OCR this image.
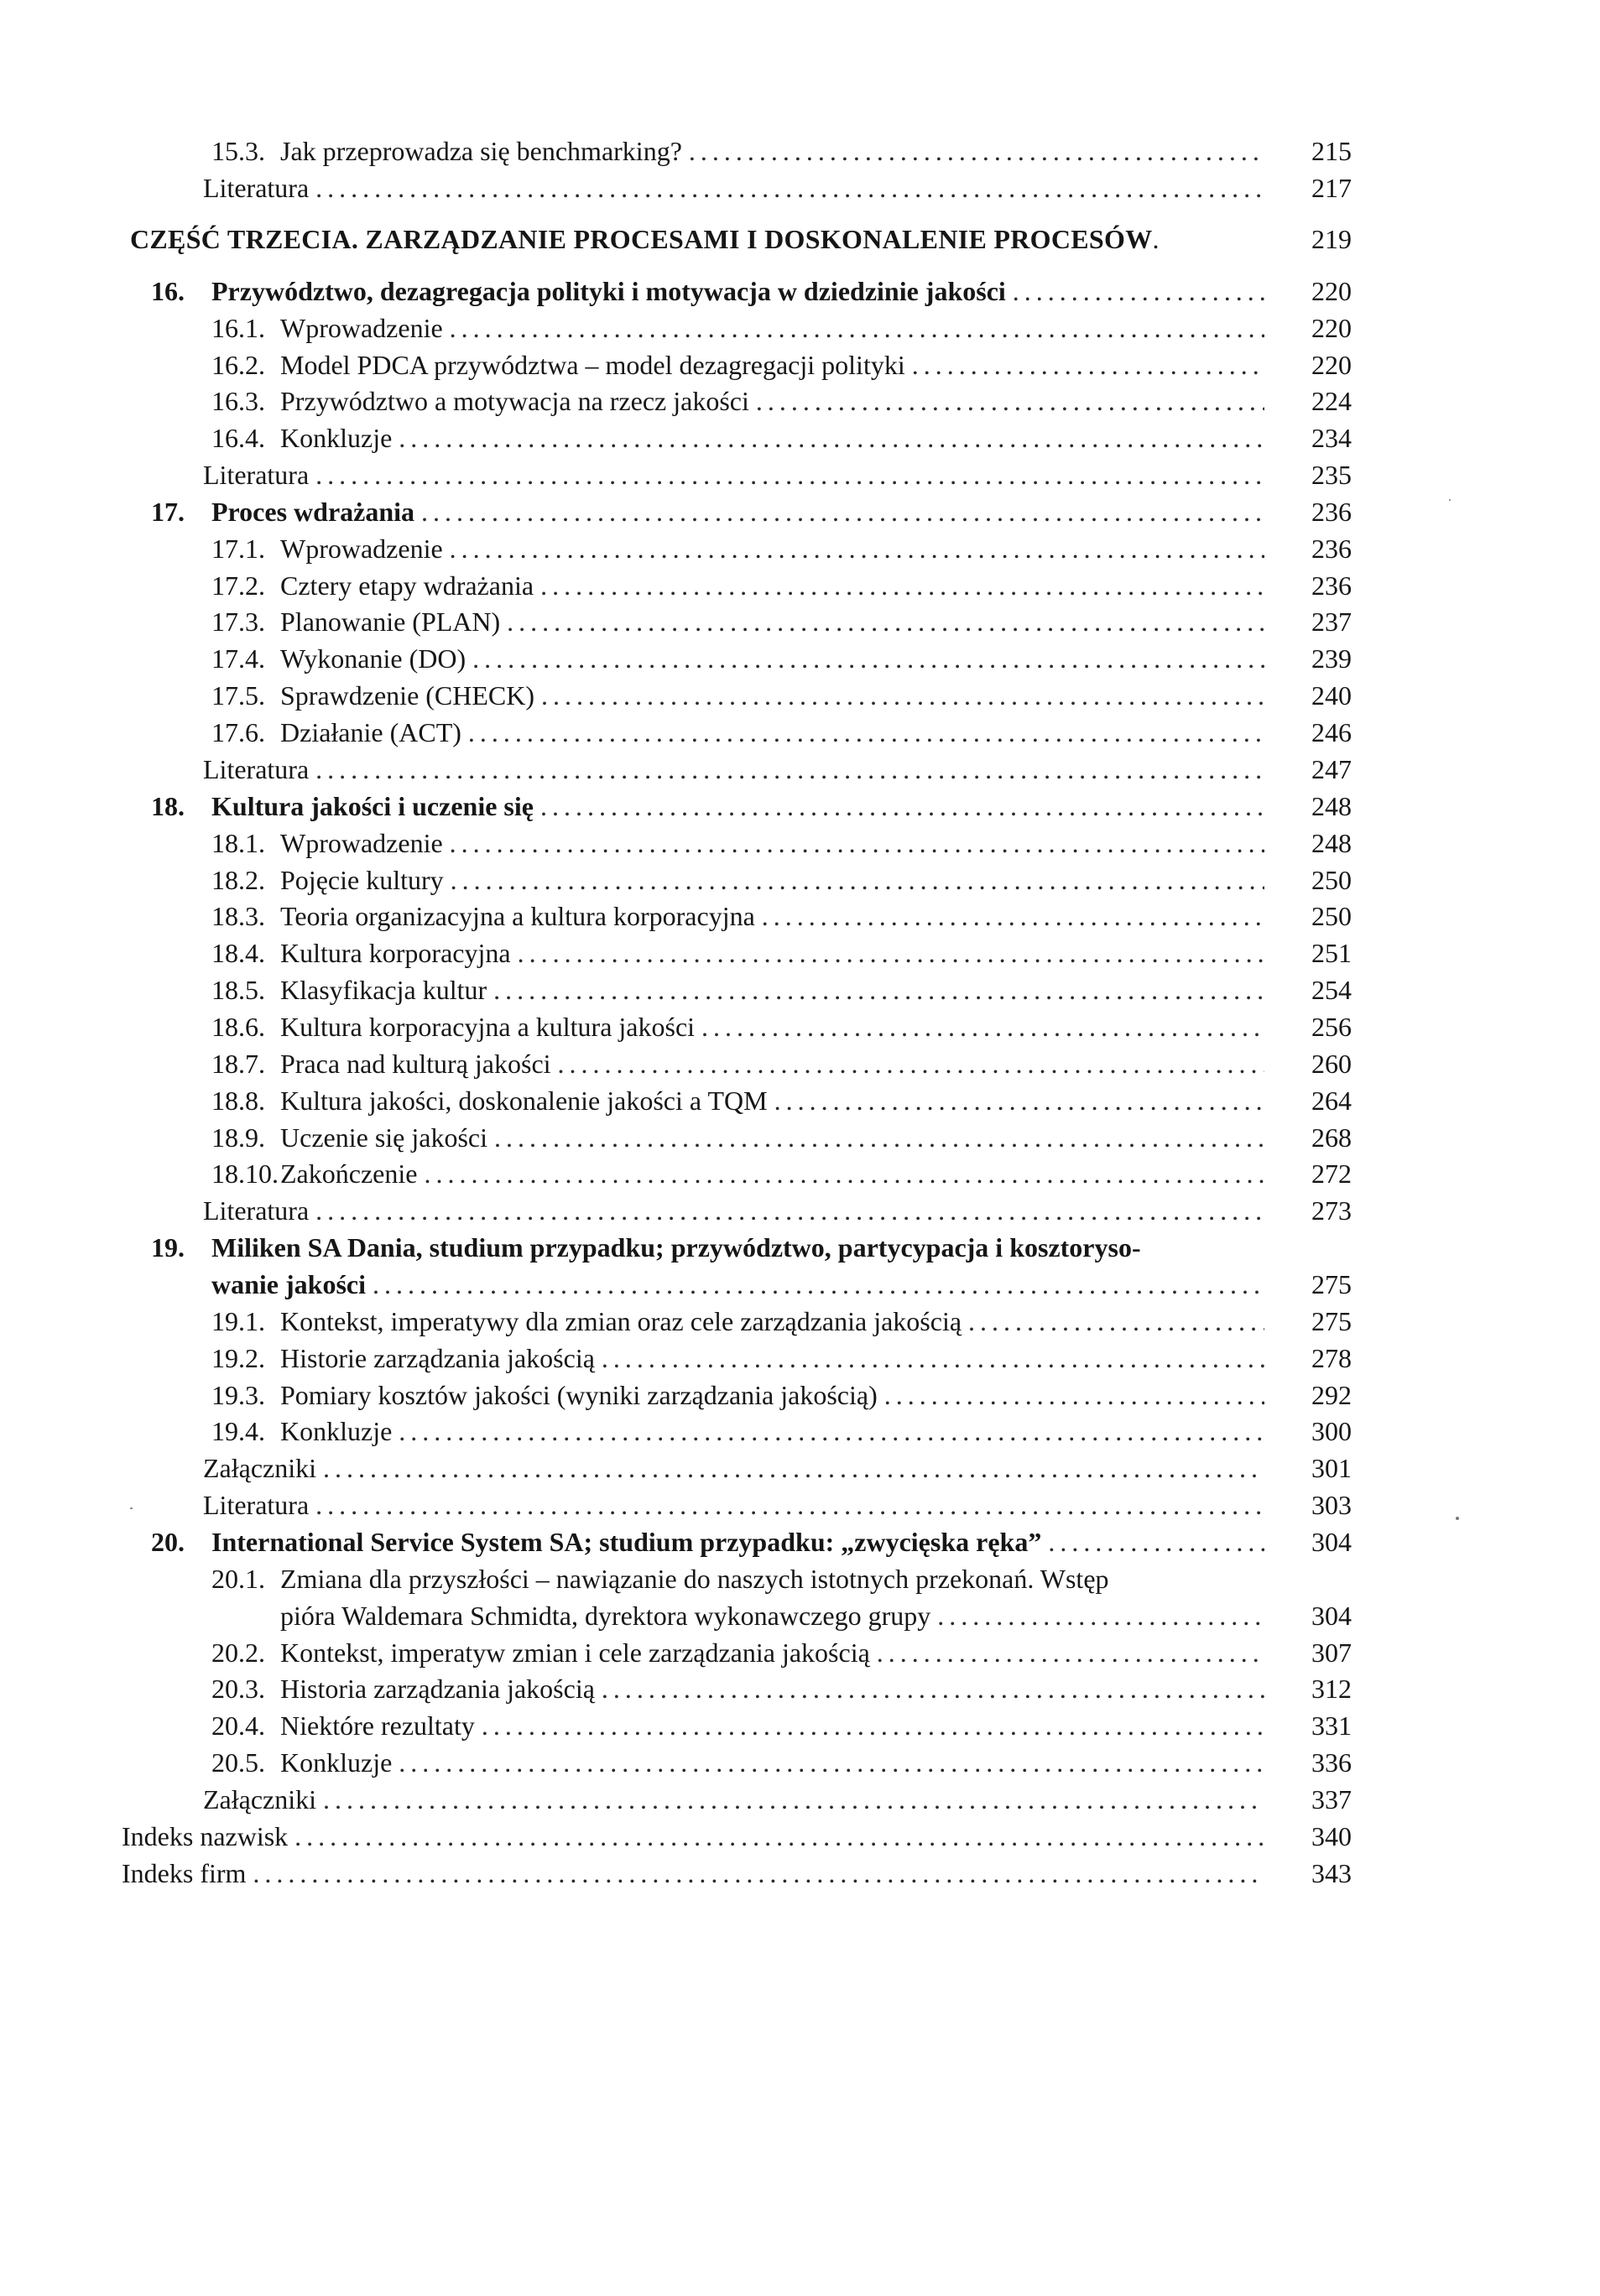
15.3. Jak przeprowadza się benchmarking? .....	215
Literatura .....	217
CZĘŚĆ TRZECIA. ZARZĄDZANIE PROCESAMI I DOSKONALENIE PROCESÓW .	219
16.	Przywództwo, dezagregacja polityki i motywacja w dziedzinie jakości .....	220
16.1. Wprowadzenie .....	220
16.2. Model PDCA przywództwa – model dezagregacji polityki .....	220
16.3. Przywództwo a motywacja na rzecz jakości .....	224
16.4. Konkluzje .....	234
Literatura .....	235
17.	Proces wdrażania .....	236
17.1. Wprowadzenie .....	236
17.2. Cztery etapy wdrażania .....	236
17.3. Planowanie (PLAN) .....	237
17.4. Wykonanie (DO) .....	239
17.5. Sprawdzenie (CHECK) .....	240
17.6. Działanie (ACT) .....	246
Literatura .....	247
18.	Kultura jakości i uczenie się .....	248
18.1. Wprowadzenie .....	248
18.2. Pojęcie kultury .....	250
18.3. Teoria organizacyjna a kultura korporacyjna .....	250
18.4. Kultura korporacyjna .....	251
18.5. Klasyfikacja kultur .....	254
18.6. Kultura korporacyjna a kultura jakości .....	256
18.7. Praca nad kulturą jakości .....	260
18.8. Kultura jakości, doskonalenie jakości a TQM .....	264
18.9. Uczenie się jakości .....	268
18.10. Zakończenie .....	272
Literatura .....	273
19.	Miliken SA Dania, studium przypadku; przywództwo, partycypacja i kosztoryso-
wanie jakości .....	275
19.1. Kontekst, imperatywy dla zmian oraz cele zarządzania jakością .....	275
19.2. Historie zarządzania jakością .....	278
19.3. Pomiary kosztów jakości (wyniki zarządzania jakością) .....	292
19.4. Konkluzje .....	300
Załączniki .....	301
Literatura .....	303
20.	International Service System SA; studium przypadku: „zwycięska ręka” .....	304
20.1. Zmiana dla przyszłości – nawiązanie do naszych istotnych przekonań. Wstęp
pióra Waldemara Schmidta, dyrektora wykonawczego grupy .....	304
20.2. Kontekst, imperatyw zmian i cele zarządzania jakością .....	307
20.3. Historia zarządzania jakością .....	312
20.4. Niektóre rezultaty .....	331
20.5. Konkluzje .....	336
Załączniki .....	337
Indeks nazwisk .....	340
Indeks firm .....	343
